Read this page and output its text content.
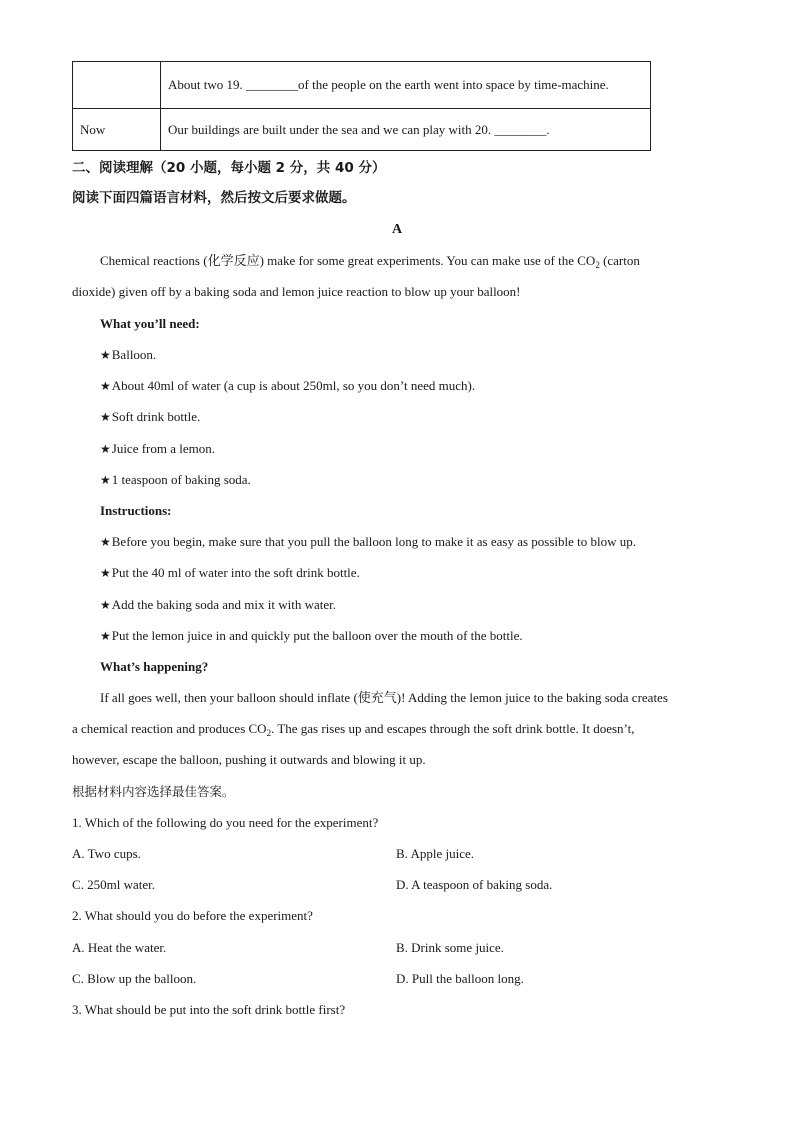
	About two 19. ________of the people on the earth went into space by time-machine.
Now	Our buildings are built under the sea and we can play with 20. ________.
二、阅读理解（20 小题，每小题 2 分，共 40 分）
阅读下面四篇语言材料，然后按文后要求做题。
A
Chemical reactions (化学反应) make for some great experiments. You can make use of the $CO_2$ (carton
dioxide) given off by a baking soda and lemon juice reaction to blow up your balloon!
What you’ll need:
★Balloon.
★About 40ml of water (a cup is about 250ml, so you don’t need much).
★Soft drink bottle.
★Juice from a lemon.
★1 teaspoon of baking soda.
Instructions:
★Before you begin, make sure that you pull the balloon long to make it as easy as possible to blow up.
★Put the 40 ml of water into the soft drink bottle.
★Add the baking soda and mix it with water.
★Put the lemon juice in and quickly put the balloon over the mouth of the bottle.
What’s happening?
If all goes well, then your balloon should inflate (使充气)! Adding the lemon juice to the baking soda creates
a chemical reaction and produces $CO_2$. The gas rises up and escapes through the soft drink bottle. It doesn’t,
however, escape the balloon, pushing it outwards and blowing it up.
根据材料内容选择最佳答案。
1. Which of the following do you need for the experiment?
A. Two cups.	B. Apple juice.
C. 250ml water.	D. A teaspoon of baking soda.
2. What should you do before the experiment?
A. Heat the water.	B. Drink some juice.
C. Blow up the balloon.	D. Pull the balloon long.
3. What should be put into the soft drink bottle first?
